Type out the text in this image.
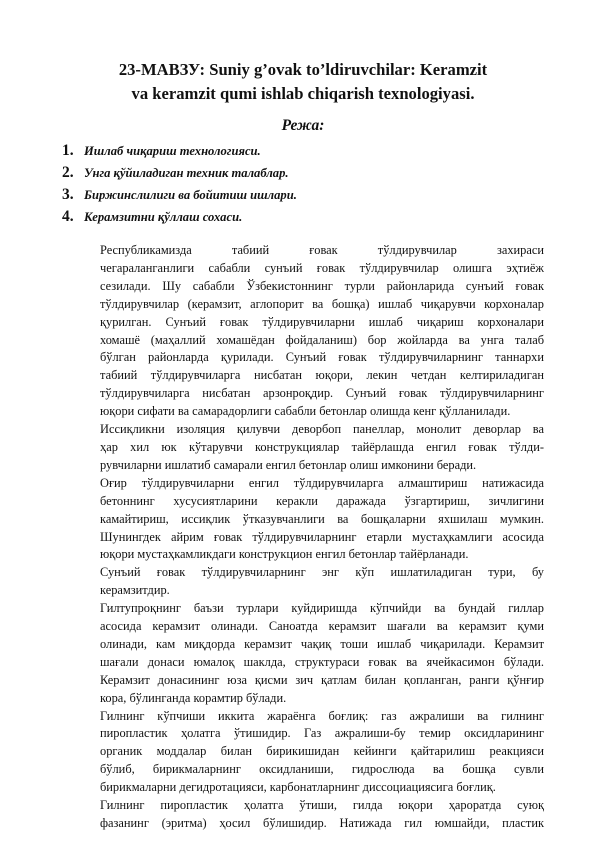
23-МАВЗУ: Suniy g’ovak to’ldiruvchilar: Keramzit
va keramzit qumi ishlab chiqarish texnologiyasi.
Режа:
1. Ишлаб чиқариш технологияси.
2. Унга қўйиладиган техник талаблар.
3. Биржинслилиги ва бойитиш ишлари.
4. Керамзитни қўллаш сохаси.

Республикамизда табиий ғовак тўлдирувчилар захираси
чегараланганлиги сабабли сунъий ғовак тўлдирувчилар олишга эҳтиёж
сезилади. Шу сабабли Ўзбекистоннинг турли районларида сунъий ғовак
тўлдирувчилар (керамзит, аглопорит ва бошқа) ишлаб чиқарувчи корхоналар
қурилган. Сунъий ғовак тўлдирувчиларни ишлаб чиқариш корхоналари
хомашё (маҳаллий хомашёдан фойдаланиш) бор жойларда ва унга талаб
бўлган районларда қурилади. Сунъий ғовак тўлдирувчиларнинг таннархи
табиий тўлдирувчиларга нисбатан юқори, лекин четдан келтириладиган
тўлдирувчиларга нисбатан арзонроқдир. Сунъий ғовак тўлдирувчиларнинг
юқори сифати ва самарадорлиги сабабли бетонлар олишда кенг қўлланилади.

Иссиқликни изоляция қилувчи деворбоп панеллар, монолит деворлар ва
ҳар хил юк кўтарувчи конструкциялар тайёрлашда енгил ғовак тўлди-
рувчиларни ишлатиб самарали енгил бетонлар олиш имконини беради.

Оғир тўлдирувчиларни енгил тўлдирувчиларга алмаштириш натижасида
бетоннинг хусусиятларини керакли даражада ўзгартириш, зичлигини
камайтириш, иссиқлик ўтказувчанлиги ва бошқаларни яхшилаш мумкин.
Шунингдек айрим ғовак тўлдирувчиларнинг етарли мустаҳкамлиги асосида
юқори мустаҳкамликдаги конструкцион енгил бетонлар тайёрланади.

Сунъий ғовак тўлдирувчиларнинг энг кўп ишлатиладиган тури, бу
керамзитдир.

Гилтупроқнинг баъзи турлари куйдиришда кўпчийди ва бундай гиллар
асосида керамзит олинади. Саноатда керамзит шағали ва керамзит қуми
олинади, кам миқдорда керамзит чақиқ тоши ишлаб чиқарилади. Керамзит
шағали донаси юмалоқ шаклда, структураси ғовак ва ячейкасимон бўлади.
Керамзит донасининг юза қисми зич қатлам билан қопланган, ранги қўнғир
кора, бўлинганда корамтир бўлади.

Гилнинг кўпчиши иккита жараёнга боғлиқ: газ ажралиши ва гилнинг
пиропластик ҳолатга ўтишидир. Газ ажралиши-бу темир оксидларининг
органик моддалар билан бирикишидан кейинги қайтарилиш реакцияси
бўлиб, бирикмаларнинг оксидланиши, гидрослюда ва бошқа сувли
бирикмаларни дегидротацияси, карбонатларнинг диссоциациясига боғлиқ.

Гилнинг пиропластик ҳолатга ўтиши, гилда юқори ҳароратда суюқ
фазанинг (эритма) ҳосил бўлишидир. Натижада гил юмшайди, пластик
